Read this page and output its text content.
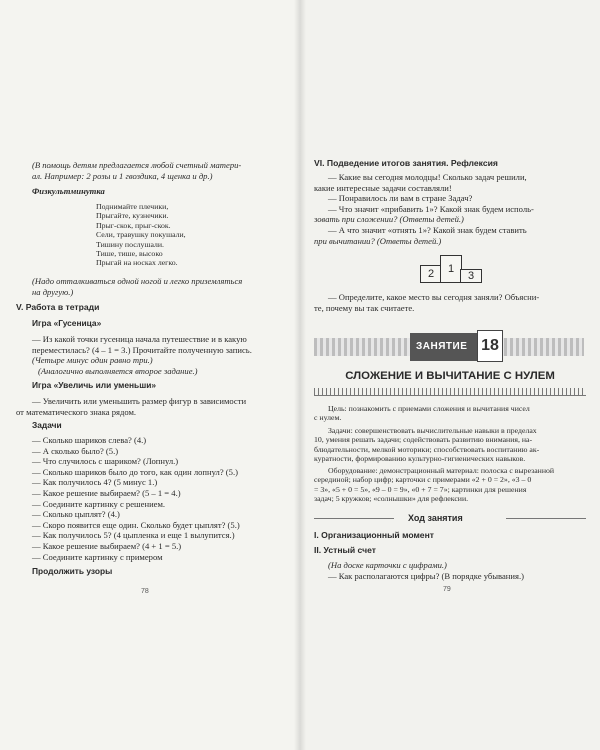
(В помощь детям предлагается любой счетный матери-
ал. Например: 2 розы и 1 гвоздика, 4 щенка и др.)
Физкультминутка
Поднимайте плечики,
Прыгайте, кузнечики.
Прыг-скок, прыг-скок.
Сели, травушку покушали,
Тишину послушали.
Тише, тише, высоко
Прыгай на носках легко.
(Надо отталкиваться одной ногой и легко приземляться
на другую.)
V. Работа в тетради
Игра «Гусеница»
— Из какой точки гусеница начала путешествие и в какую
переместилась? (4 – 1 = 3.) Прочитайте полученную запись.
(Четыре минус один равно три.)
(Аналогично выполняется второе задание.)
Игра «Увеличь или уменьши»
— Увеличить или уменьшить размер фигур в зависимости
от математического знака рядом.
Задачи
— Сколько шариков слева? (4.)
— А сколько было? (5.)
— Что случилось с шариком? (Лопнул.)
— Сколько шариков было до того, как один лопнул? (5.)
— Как получилось 4? (5 минус 1.)
— Какое решение выбираем? (5 – 1 = 4.)
— Соедините картинку с решением.
— Сколько цыплят? (4.)
— Скоро появится еще один. Сколько будет цыплят? (5.)
— Как получилось 5? (4 цыпленка и еще 1 вылупится.)
— Какое решение выбираем? (4 + 1 = 5.)
— Соедините картинку с примером
Продолжить узоры
78
VI. Подведение итогов занятия. Рефлексия
— Какие вы сегодня молодцы! Сколько задач решили,
какие интересные задачи составляли!
— Понравилось ли вам в стране Задач?
— Что значит «прибавить 1»? Какой знак будем исполь-
зовать при сложении? (Ответы детей.)
— А что значит «отнять 1»? Какой знак будем ставить
при вычитании? (Ответы детей.)
2	1
3
— Определите, какое место вы сегодня заняли? Объясни-
те, почему вы так считаете.
ЗАНЯТИЕ 18
СЛОЖЕНИЕ И ВЫЧИТАНИЕ С НУЛЕМ
Цель: познакомить с приемами сложения и вычитания чисел
с нулем.
Задачи: совершенствовать вычислительные навыки в пределах
10, умения решать задачи; содействовать развитию внимания, на-
блюдательности, мелкой моторики; способствовать воспитанию ак-
куратности, формированию культурно-гигиенических навыков.
Оборудование: демонстрационный материал: полоска с вырезанной
серединой; набор цифр; карточки с примерами «2 + 0 = 2», «3 – 0
= 3», «5 + 0 = 5», «9 – 0 = 9», «0 + 7 = 7»; картинки для решения
задач; 5 кружков; «солнышки» для рефлексии.
Ход занятия
I. Организационный момент
II. Устный счет
(На доске карточки с цифрами.)
— Как располагаются цифры? (В порядке убывания.)
79
